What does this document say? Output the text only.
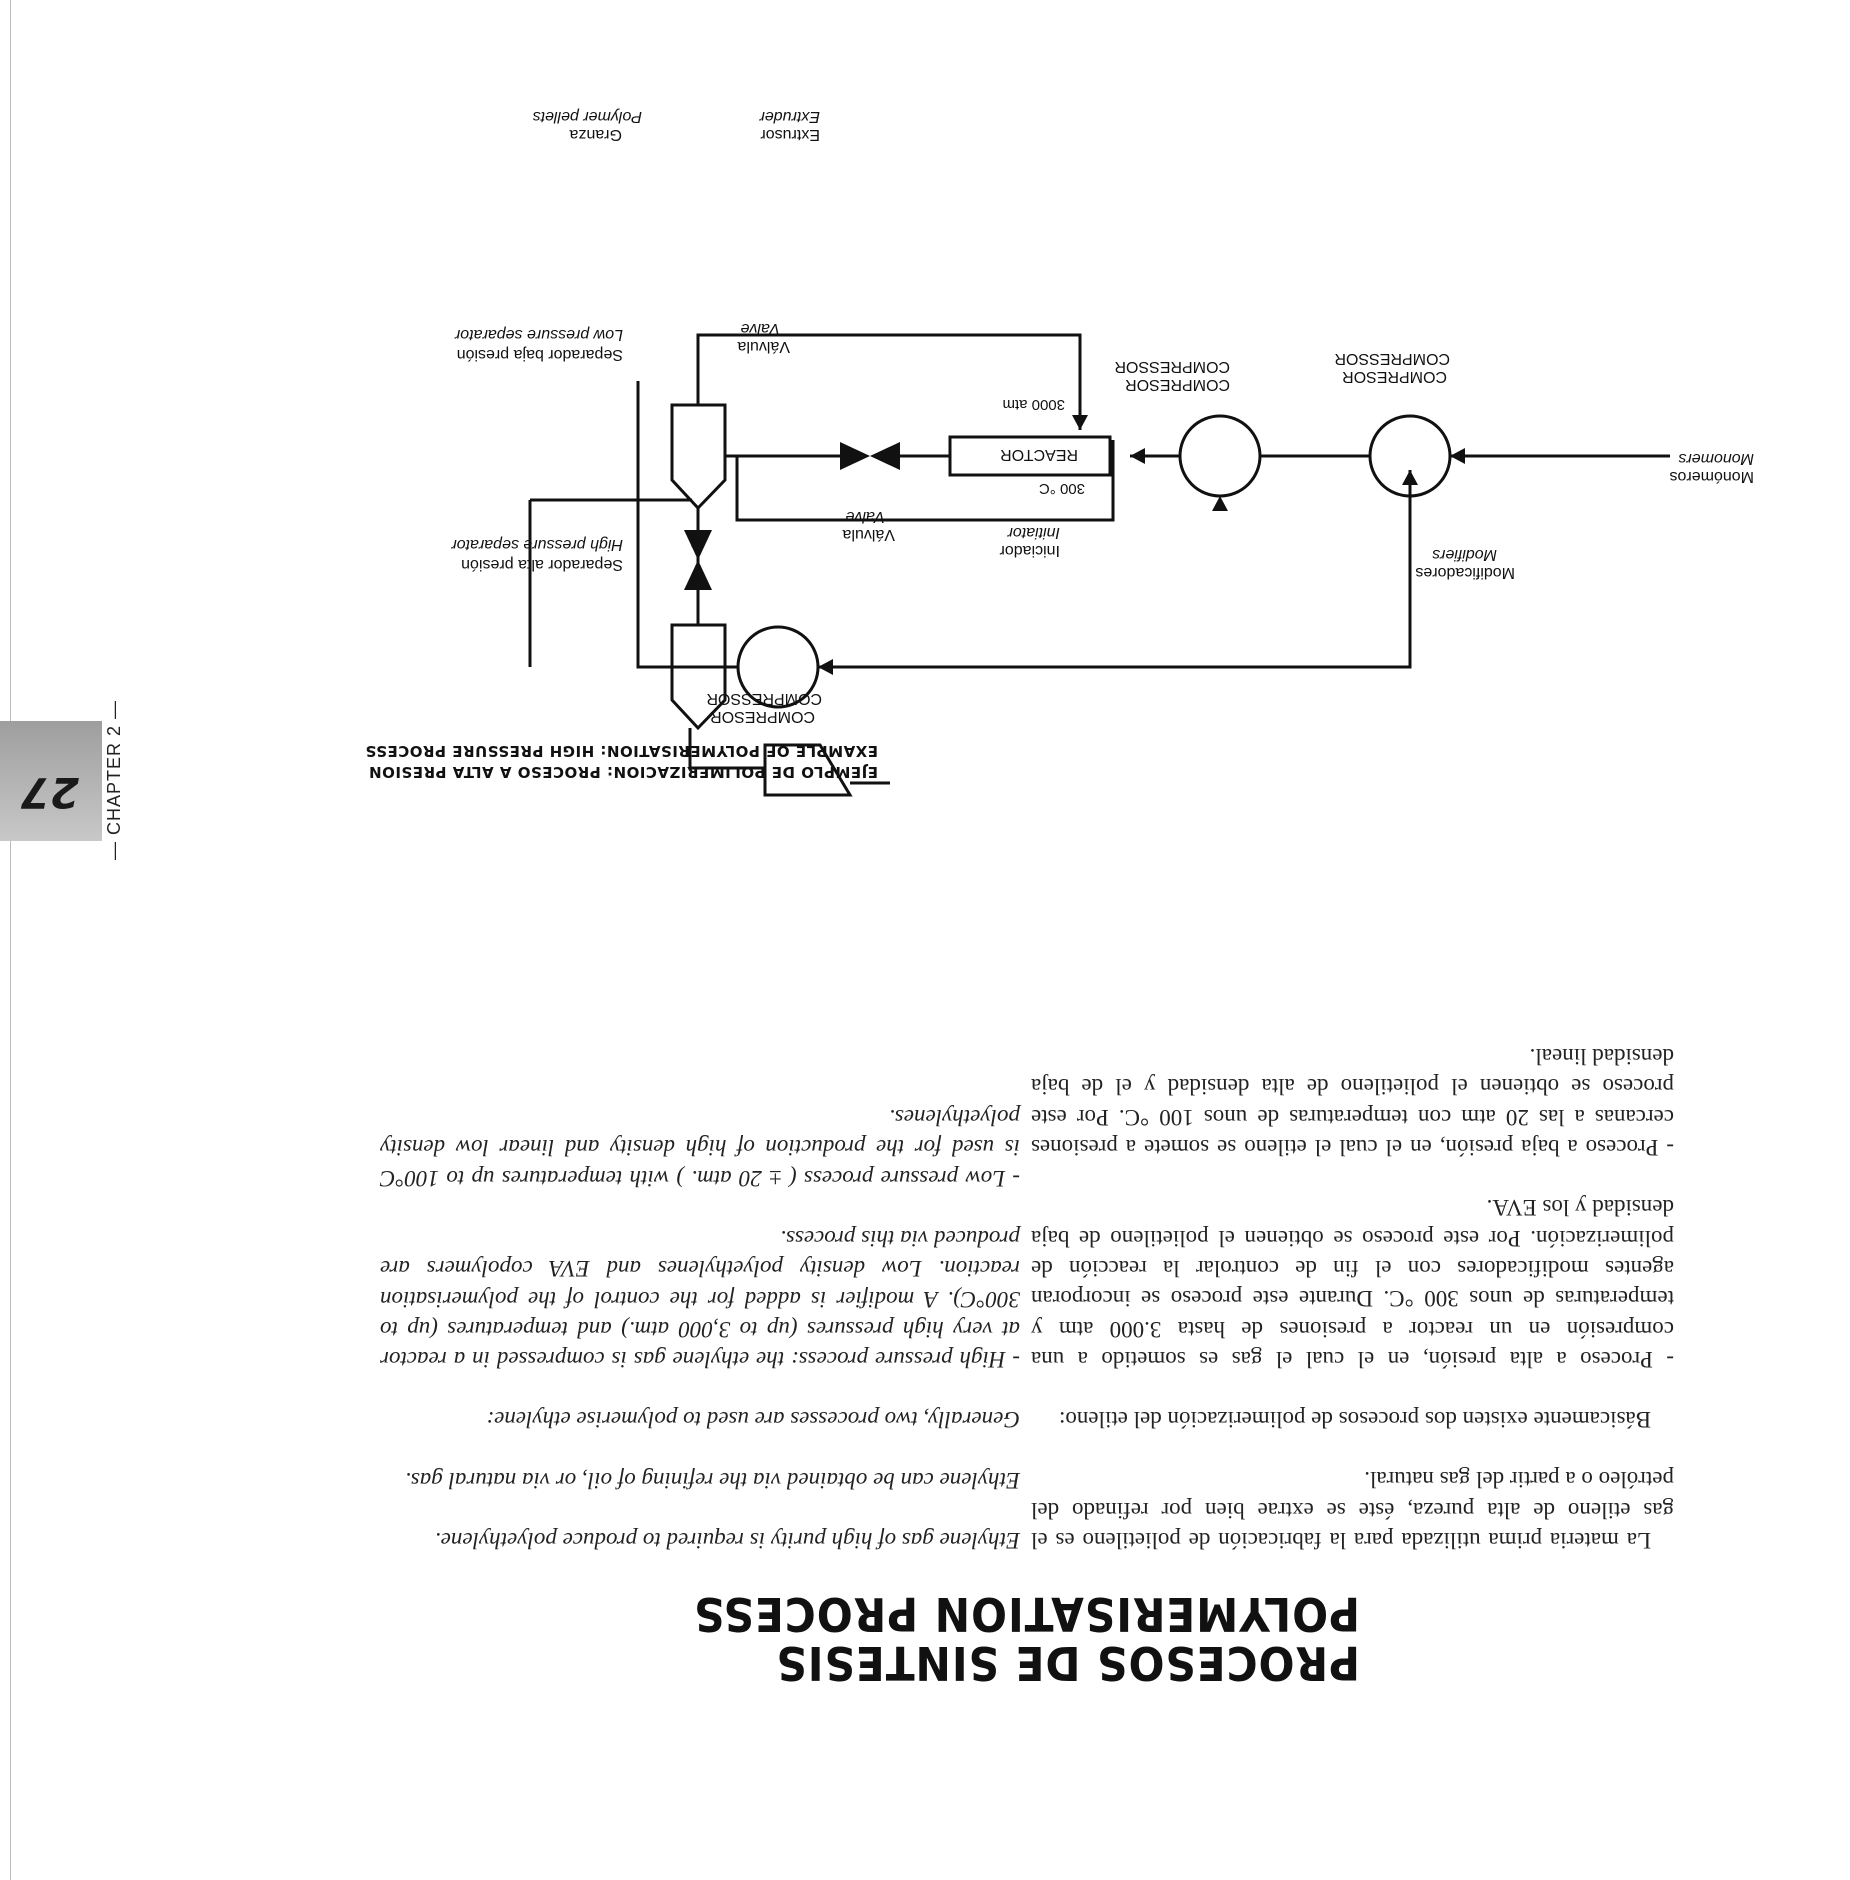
PROCESOS DE SINTESIS
POLYMERISATION PROCESS

La materia prima utilizada para la fabricación de polietileno es el gas etileno de alta pureza, éste se extrae bien por refinado del petróleo o a partir del gas natural.

Básicamente existen dos procesos de polimerización del etileno:

- Proceso a alta presión, en el cual el gas es sometido a una compresión en un reactor a presiones de hasta 3.000 atm y temperaturas de unos 300 °C. Durante este proceso se incorporan agentes modificadores con el fin de controlar la reacción de polimerización. Por este proceso se obtienen el polietileno de baja densidad y los EVA.

- Proceso a baja presión, en el cual el etileno se somete a presiones cercanas a las 20 atm con temperaturas de unos 100 °C. Por este proceso se obtienen el polietileno de alta densidad y el de baja densidad lineal.

Ethylene gas of high purity is required to produce polyethylene.

Ethylene can be obtained via the refining of oil, or via natural gas.

Generally, two processes are used to polymerise ethylene:

- High pressure process: the ethylene gas is compressed in a reactor at very high pressures (up to 3,000 atm.) and temperatures (up to 300°C). A modifier is added for the control of the polymerisation reaction. Low density polyethylenes and EVA copolymers are produced via this process.

- Low pressure process ( ± 20 atm. ) with temperatures up to 100°C is used for the production of high density and linear low density polyethylenes.

EJEMPLO DE POLIMERIZACION: PROCESO A ALTA PRESION
EXAMPLE OF POLYMERISATION: HIGH PRESSURE PROCESS
27	— CHAPTER 2 —	COMPRESOR
COMPRESSOR
Separador alta presión
High pressure separator
Separador baja presión
Low pressure separator
Válvula
Valve
Válvula
Valve
Iniciador
Initiator
REACTOR
300 °C
3000 atm
COMPRESOR
COMPRESSOR
COMPRESOR
COMPRESSOR
Modificadores
Modifiers
Monómeros
Monomers
Extrusor
Extruder
Granza
Polymer pellets
